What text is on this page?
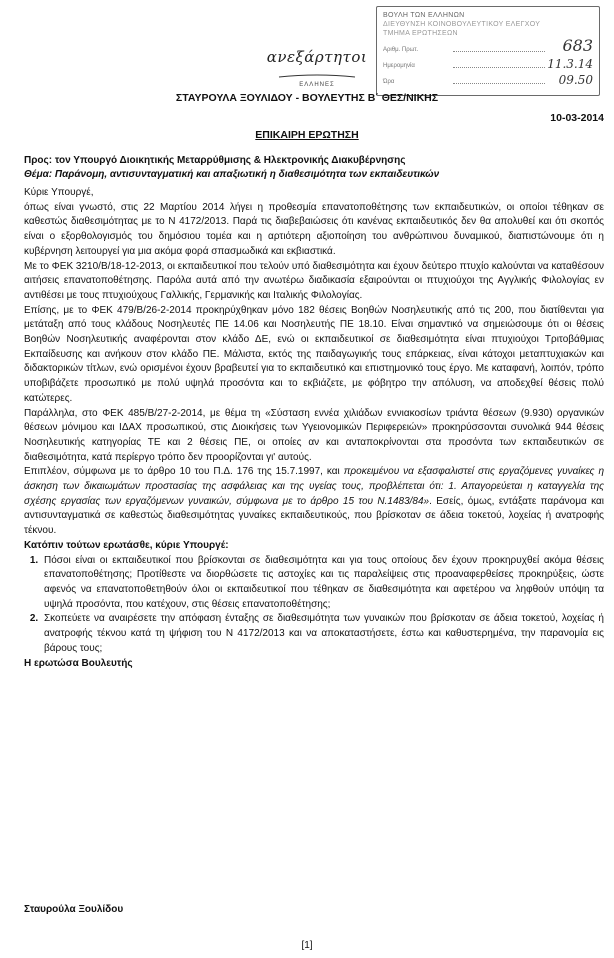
ΒΟΥΛΗ ΤΩΝ ΕΛΛΗΝΩΝ
ΔΙΕΥΘΥΝΣΗ ΚΟΙΝΟΒΟΥΛΕΥΤΙΚΟΥ ΕΛΕΓΧΟΥ
ΤΜΗΜΑ ΕΡΩΤΗΣΕΩΝ
Αριθμ. Πρωτ.	683
Ημερομηνία	11.3.14
Ώρα	09.50
ανεξάρτητοι
ΕΛΛΗΝΕΣ
ΣΤΑΥΡΟΥΛΑ ΞΟΥΛΙΔΟΥ - ΒΟΥΛΕΥΤΗΣ Β΄ ΘΕΣ/ΝΙΚΗΣ
10-03-2014
ΕΠΙΚΑΙΡΗ ΕΡΩΤΗΣΗ
Προς: τον Υπουργό Διοικητικής Μεταρρύθμισης & Ηλεκτρονικής Διακυβέρνησης
Θέμα: Παράνομη, αντισυνταγματική και απαξιωτική η διαθεσιμότητα των εκπαιδευτικών

Κύριε Υπουργέ,

όπως είναι γνωστό, στις 22 Μαρτίου 2014 λήγει η προθεσμία επανατοποθέτησης των εκπαιδευτικών, οι οποίοι τέθηκαν σε καθεστώς διαθεσιμότητας με το Ν 4172/2013. Παρά τις διαβεβαιώσεις ότι κανένας εκπαιδευτικός δεν θα απολυθεί και ότι σκοπός είναι ο εξορθολογισμός του δημόσιου τομέα και η αρτιότερη αξιοποίηση του ανθρώπινου δυναμικού, διαπιστώνουμε ότι η κυβέρνηση λειτουργεί για μια ακόμα φορά σπασμωδικά και εκβιαστικά.

Με το ΦΕΚ 3210/Β/18-12-2013, οι εκπαιδευτικοί που τελούν υπό διαθεσιμότητα και έχουν δεύτερο πτυχίο καλούνται να καταθέσουν αιτήσεις επανατοποθέτησης. Παρόλα αυτά από την ανωτέρω διαδικασία εξαιρούνται οι πτυχιούχοι της Αγγλικής Φιλολογίας εν αντιθέσει με τους πτυχιούχους Γαλλικής, Γερμανικής και Ιταλικής Φιλολογίας.

Επίσης, με το ΦΕΚ 479/Β/26-2-2014 προκηρύχθηκαν μόνο 182 θέσεις Βοηθών Νοσηλευτικής από τις 200, που διατίθενται για μετάταξη από τους κλάδους Νοσηλευτές ΠΕ 14.06 και Νοσηλευτής ΠΕ 18.10. Είναι σημαντικό να σημειώσουμε ότι οι θέσεις Βοηθών Νοσηλευτικής αναφέρονται στον κλάδο ΔΕ, ενώ οι εκπαιδευτικοί σε διαθεσιμότητα είναι πτυχιούχοι Τριτοβάθμιας Εκπαίδευσης και ανήκουν στον κλάδο ΠΕ. Μάλιστα, εκτός της παιδαγωγικής τους επάρκειας, είναι κάτοχοι μεταπτυχιακών και διδακτορικών τίτλων, ενώ ορισμένοι έχουν βραβευτεί για το εκπαιδευτικό και επιστημονικό τους έργο. Με καταφανή, λοιπόν, τρόπο υποβιβάζετε προσωπικό με πολύ υψηλά προσόντα και το εκβιάζετε, με φόβητρο την απόλυση, να αποδεχθεί θέσεις πολύ κατώτερες.

Παράλληλα, στο ΦΕΚ 485/Β/27-2-2014, με θέμα τη «Σύσταση εννέα χιλιάδων εννιακοσίων τριάντα θέσεων (9.930) οργανικών θέσεων μόνιμου και ΙΔΑΧ προσωπικού, στις Διοικήσεις των Υγειονομικών Περιφερειών» προκηρύσσονται συνολικά 944 θέσεις Νοσηλευτικής κατηγορίας ΤΕ και 2 θέσεις ΠΕ, οι οποίες αν και ανταποκρίνονται στα προσόντα των εκπαιδευτικών σε διαθεσιμότητα, κατά περίεργο τρόπο δεν προορίζονται γι' αυτούς.

Επιπλέον, σύμφωνα με το άρθρο 10 του Π.Δ. 176 της 15.7.1997, και προκειμένου να εξασφαλιστεί στις εργαζόμενες γυναίκες η άσκηση των δικαιωμάτων προστασίας της ασφάλειας και της υγείας τους, προβλέπεται ότι: 1. Απαγορεύεται η καταγγελία της σχέσης εργασίας των εργαζόμενων γυναικών, σύμφωνα με το άρθρο 15 του Ν.1483/84». Εσείς, όμως, εντάξατε παράνομα και αντισυνταγματικά σε καθεστώς διαθεσιμότητας γυναίκες εκπαιδευτικούς, που βρίσκοταν σε άδεια τοκετού, λοχείας ή ανατροφής τέκνου.

Κατόπιν τούτων ερωτάσθε, κύριε Υπουργέ:

1. Πόσοι είναι οι εκπαιδευτικοί που βρίσκονται σε διαθεσιμότητα και για τους οποίους δεν έχουν προκηρυχθεί ακόμα θέσεις επανατοποθέτησης; Προτίθεστε να διορθώσετε τις αστοχίες και τις παραλείψεις στις προαναφερθείσες προκηρύξεις, ώστε αφενός να επανατοποθετηθούν όλοι οι εκπαιδευτικοί που τέθηκαν σε διαθεσιμότητα και αφετέρου να ληφθούν υπόψη τα υψηλά προσόντα, που κατέχουν, στις θέσεις επανατοποθέτησης;
2. Σκοπεύετε να αναιρέσετε την απόφαση ένταξης σε διαθεσιμότητα των γυναικών που βρίσκοταν σε άδεια τοκετού, λοχείας ή ανατροφής τέκνου κατά τη ψήφιση του Ν 4172/2013 και να αποκαταστήσετε, έστω και καθυστερημένα, την παρανομία εις βάρους τους;

Η ερωτώσα Βουλευτής

Σταυρούλα Ξουλίδου
[1]
